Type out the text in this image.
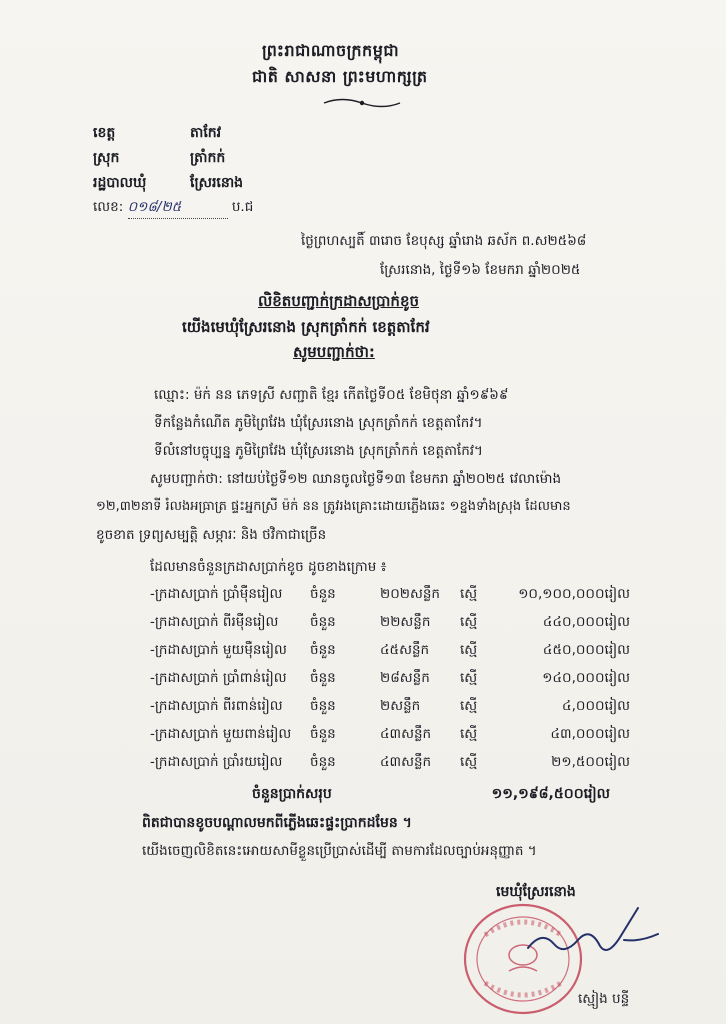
ព្រះរាជាណាចក្រកម្ពុជា
ជាតិ សាសនា ព្រះមហាក្សត្រ
ខេត្ត	តាកែវ
ស្រុក	ត្រាំកក់
រដ្ឋបាលឃុំ	ស្រែរនោង
លេខ: ០១៨/២៥	ប.ជ
ថ្ងៃព្រហស្បតិ៍ ៣រោច ខែបុស្ស ឆ្នាំរោង ឆស័ក ព.ស២៥៦៨
ស្រែរនោង, ថ្ងៃទី១៦ ខែមករា ឆ្នាំ២០២៥
លិខិតបញ្ជាក់ក្រដាសប្រាក់ខូច
យើងមេឃុំស្រែរនោង ស្រុកត្រាំកក់ ខេត្តតាកែវ
សូមបញ្ជាក់ថា:
ឈ្មោះ: ម៉ក់ នន ភេទស្រី សញ្ជាតិ ខ្មែរ កើតថ្ងៃទី០៥ ខែមិថុនា ឆ្នាំ១៩៦៩
ទីកន្លែងកំណើត ភូមិព្រៃវែង ឃុំស្រែរនោង ស្រុកត្រាំកក់ ខេត្តតាកែវ។
ទីលំនៅបច្ចុប្បន្ន ភូមិព្រៃវែង ឃុំស្រែរនោង ស្រុកត្រាំកក់ ខេត្តតាកែវ។
សូមបញ្ជាក់ថា: នៅយប់ថ្ងៃទី១២ ឈានចូលថ្ងៃទី១៣ ខែមករា ឆ្នាំ២០២៥ វេលាម៉ោង
១២,៣២នាទី រំលងអធ្រាត្រ ផ្ទះអ្នកស្រី ម៉ក់ នន ត្រូវរងគ្រោះដោយភ្លើងឆេះ ១ខ្នងទាំងស្រុង ដែលមាន
ខូចខាត ទ្រព្យសម្បត្តិ សម្ភារៈ និង ថវិកាជាច្រើន
ដែលមានចំនួនក្រដាសប្រាក់ខូច ដូចខាងក្រោម ៖
-ក្រដាសប្រាក់ ប្រាំម៉ឺនរៀល ចំនួន	២០២សន្លឹក ស្មើ	១០,១០០,០០០រៀល
-ក្រដាសប្រាក់ ពីរម៉ឺនរៀល ចំនួន	២២សន្លឹក ស្មើ	៤៤០,០០០រៀល
-ក្រដាសប្រាក់ មួយម៉ឺនរៀល ចំនួន	៤៥សន្លឹក ស្មើ	៤៥០,០០០រៀល
-ក្រដាសប្រាក់ ប្រាំពាន់រៀល ចំនួន	២៨សន្លឹក ស្មើ	១៤០,០០០រៀល
-ក្រដាសប្រាក់ ពីរពាន់រៀល ចំនួន	២សន្លឹក	ស្មើ	៤,០០០រៀល
-ក្រដាសប្រាក់ មួយពាន់រៀល ចំនួន	៤៣សន្លឹក ស្មើ	៤៣,០០០រៀល
-ក្រដាសប្រាក់ ប្រាំរយរៀល ចំនួន	៤៣សន្លឹក ស្មើ	២១,៥០០រៀល
ចំនួនប្រាក់សរុប	១១,១៩៨,៥០០រៀល
ពិតជាបានខូចបណ្តាលមកពីភ្លើងឆេះផ្ទះប្រាកដមែន ។
យើងចេញលិខិតនេះអោយសាមីខ្លួនប្រើប្រាស់ដើម្បី តាមការដែលច្បាប់អនុញ្ញាត ។
មេឃុំស្រែរនោង
ស្មៀង បន្ទី
